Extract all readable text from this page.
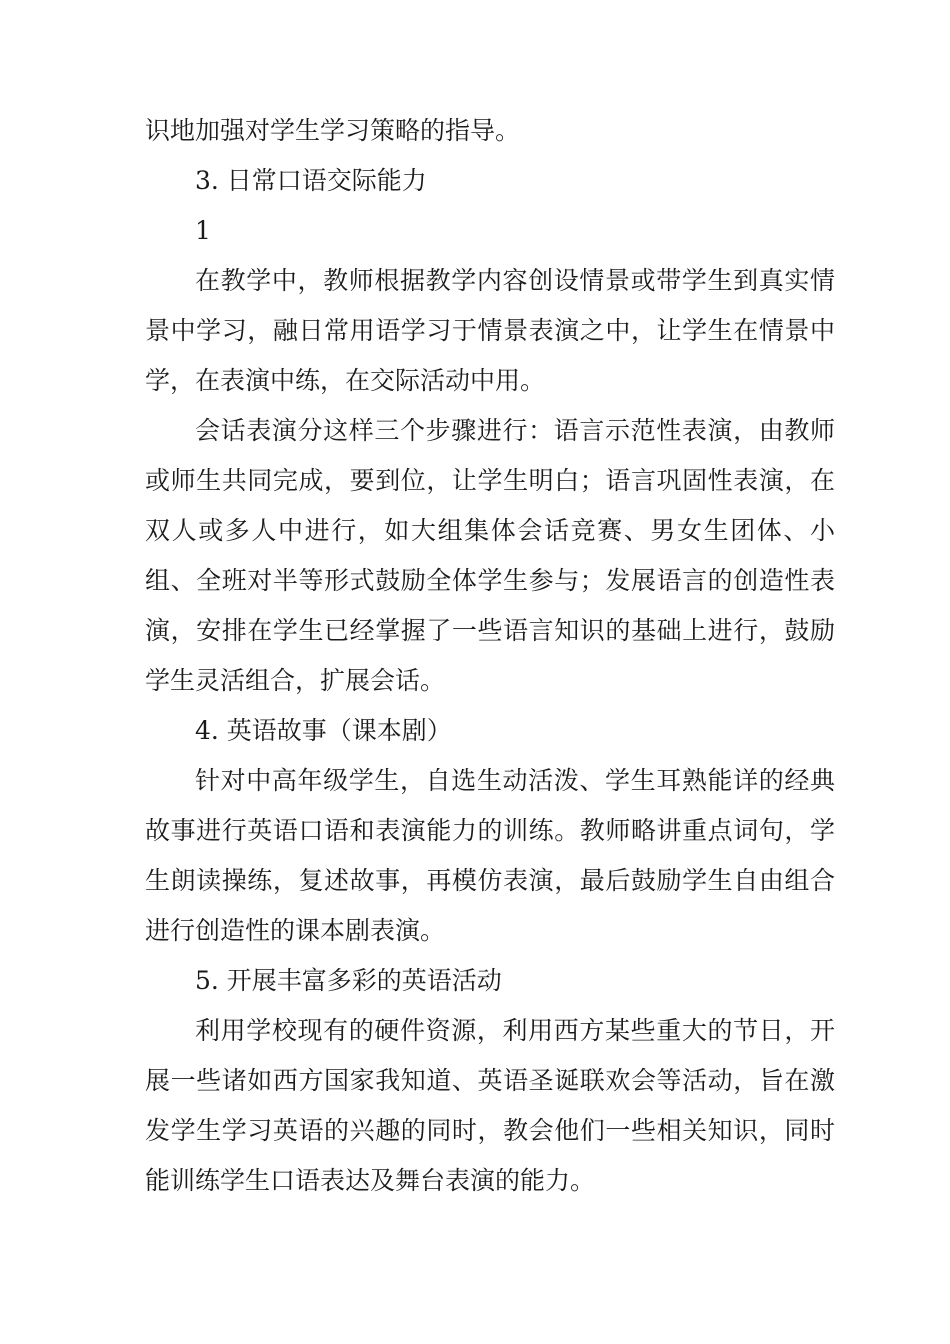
识地加强对学生学习策略的指导。

3. 日常口语交际能力

1

在教学中，教师根据教学内容创设情景或带学生到真实情景中学习，融日常用语学习于情景表演之中，让学生在情景中学，在表演中练，在交际活动中用。

会话表演分这样三个步骤进行：语言示范性表演，由教师或师生共同完成，要到位，让学生明白；语言巩固性表演，在双人或多人中进行，如大组集体会话竞赛、男女生团体、小组、全班对半等形式鼓励全体学生参与；发展语言的创造性表演，安排在学生已经掌握了一些语言知识的基础上进行，鼓励学生灵活组合，扩展会话。

4. 英语故事（课本剧）

针对中高年级学生，自选生动活泼、学生耳熟能详的经典故事进行英语口语和表演能力的训练。教师略讲重点词句，学生朗读操练，复述故事，再模仿表演，最后鼓励学生自由组合进行创造性的课本剧表演。

5. 开展丰富多彩的英语活动

利用学校现有的硬件资源，利用西方某些重大的节日，开展一些诸如西方国家我知道、英语圣诞联欢会等活动，旨在激发学生学习英语的兴趣的同时，教会他们一些相关知识，同时能训练学生口语表达及舞台表演的能力。
